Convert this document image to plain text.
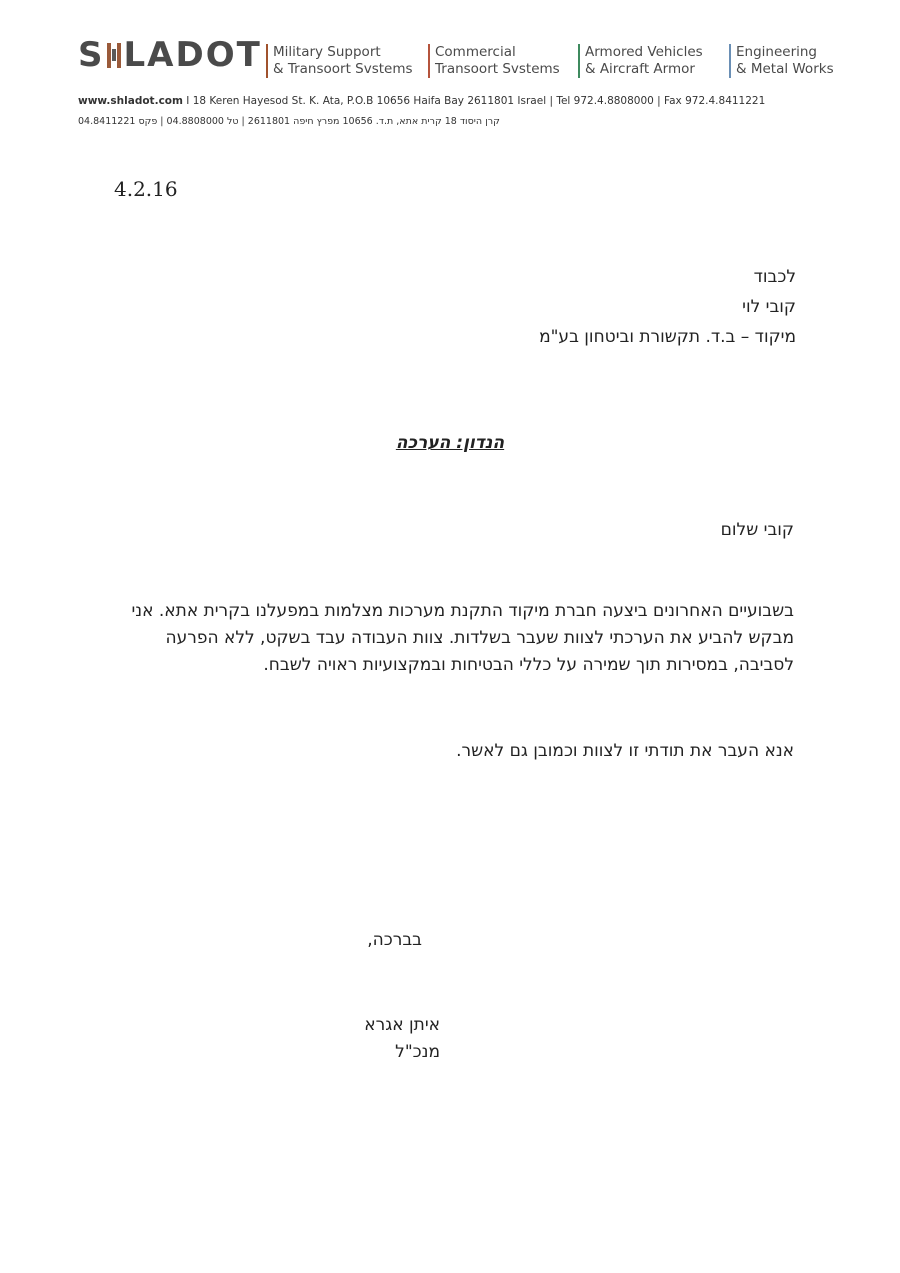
S LADOT Military Support
& Transoort Svstems
Commercial
Transoort Svstems
Armored Vehicles
& Aircraft Armor
Engineering
& Metal Works
www.shladot.com I 18 Keren Hayesod St. K. Ata, P.O.B 10656 Haifa Bay 2611801 Israel | Tel 972.4.8808000 | Fax 972.4.8411221
קרן היסוד 18 קרית אתא, ת.ד. 10656 מפרץ חיפה 2611801 | טל 04.8808000 | פקס 04.8411221
4.2.16
לכבוד
קובי לוי
מיקוד – ב.ד. תקשורת וביטחון בע"מ
הנדון: הערכה
קובי שלום
בשבועיים האחרונים ביצעה חברת מיקוד התקנת מערכות מצלמות במפעלנו בקרית אתא. אני מבקש להביע את הערכתי לצוות שעבר בשלדות. צוות העבודה עבד בשקט, ללא הפרעה לסביבה, במסירות תוך שמירה על כללי הבטיחות ובמקצועיות ראויה לשבח.
אנא העבר את תודתי זו לצוות וכמובן גם לאשר.
בברכה,
איתן אגרא
מנכ"ל
